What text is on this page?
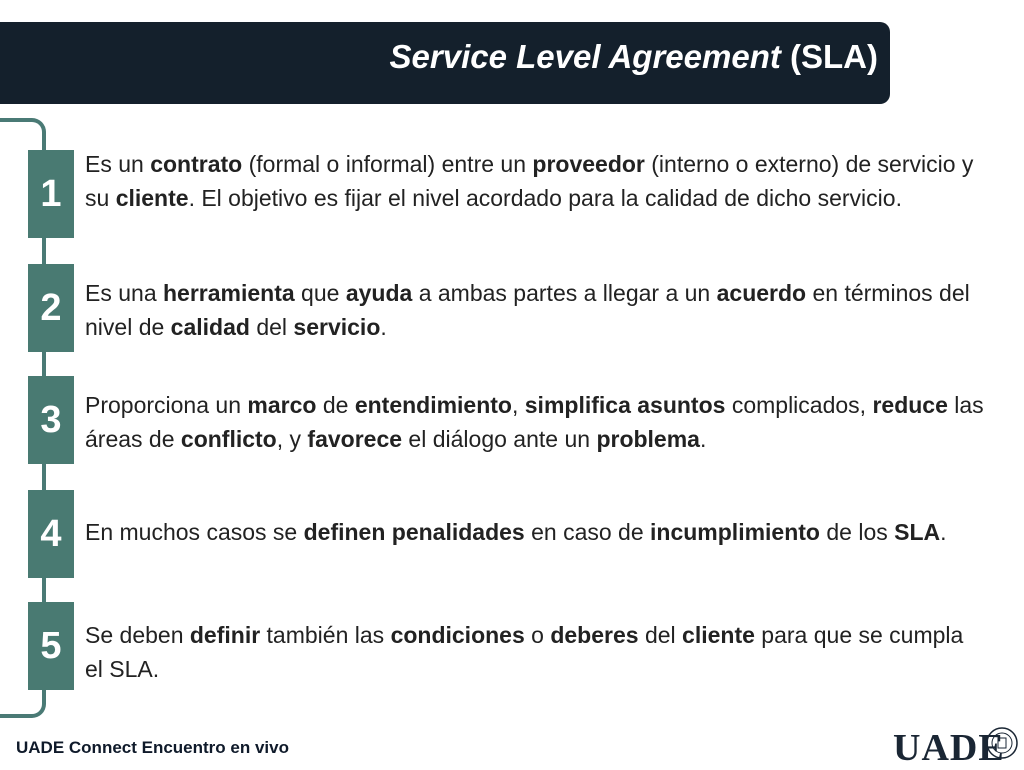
Service Level Agreement (SLA)
1
Es un contrato (formal o informal) entre un proveedor (interno o externo) de servicio y su cliente. El objetivo es fijar el nivel acordado para la calidad de dicho servicio.
2	Es una herramienta que ayuda a ambas partes a llegar a un acuerdo en términos del nivel de calidad del servicio.
3	Proporciona un marco de entendimiento, simplifica asuntos complicados, reduce las áreas de conflicto, y favorece el diálogo ante un problema.
4	En muchos casos se definen penalidades en caso de incumplimiento de los SLA.
5	Se deben definir también las condiciones o deberes del cliente para que se cumpla el SLA.
UADE Connect Encuentro en vivo	UADE
